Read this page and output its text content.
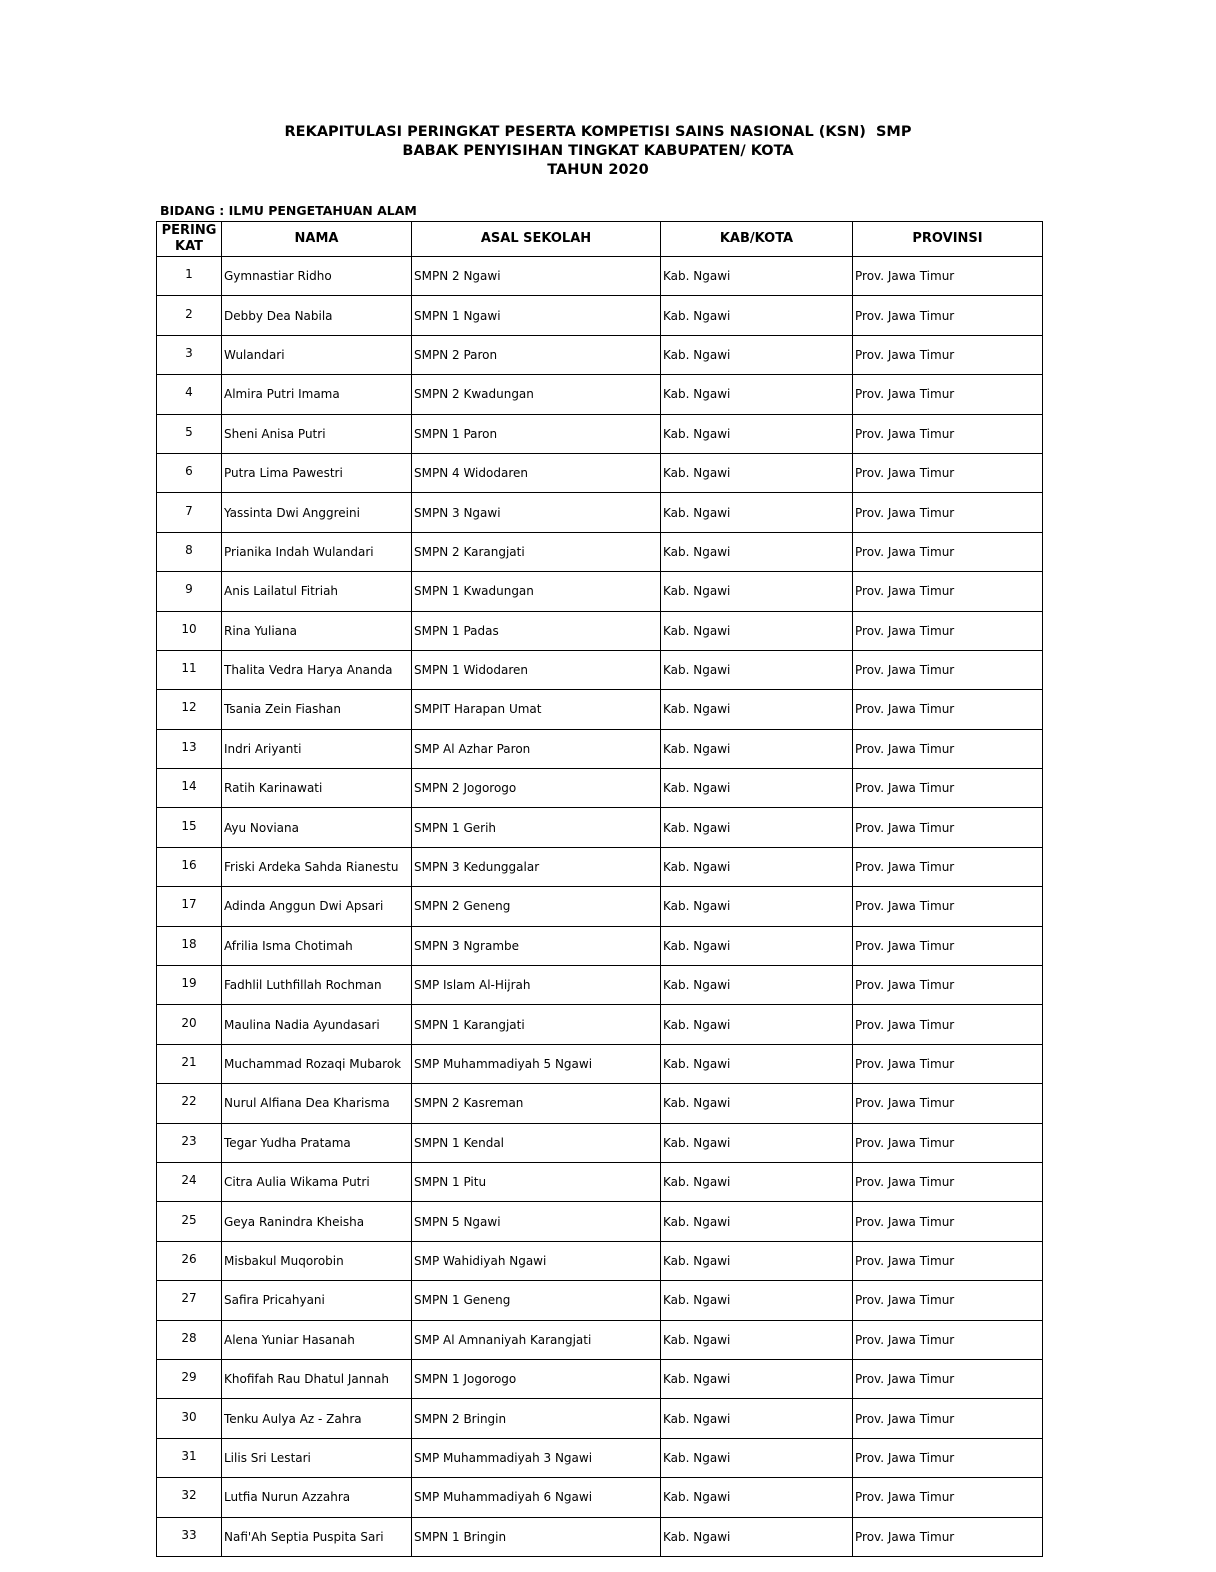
REKAPITULASI PERINGKAT PESERTA KOMPETISI SAINS NASIONAL (KSN)  SMP
BABAK PENYISIHAN TINGKAT KABUPATEN/ KOTA
TAHUN 2020
BIDANG : ILMU PENGETAHUAN ALAM
PERING
KAT	NAMA	ASAL SEKOLAH	KAB/KOTA	PROVINSI
1	Gymnastiar Ridho	SMPN 2 Ngawi	Kab. Ngawi	Prov. Jawa Timur
2	Debby Dea Nabila	SMPN 1 Ngawi	Kab. Ngawi	Prov. Jawa Timur
3	Wulandari	SMPN 2 Paron	Kab. Ngawi	Prov. Jawa Timur
4	Almira Putri Imama	SMPN 2 Kwadungan	Kab. Ngawi	Prov. Jawa Timur
5	Sheni Anisa Putri	SMPN 1 Paron	Kab. Ngawi	Prov. Jawa Timur
6	Putra Lima Pawestri	SMPN 4 Widodaren	Kab. Ngawi	Prov. Jawa Timur
7	Yassinta Dwi Anggreini	SMPN 3 Ngawi	Kab. Ngawi	Prov. Jawa Timur
8	Prianika Indah Wulandari	SMPN 2 Karangjati	Kab. Ngawi	Prov. Jawa Timur
9	Anis Lailatul Fitriah	SMPN 1 Kwadungan	Kab. Ngawi	Prov. Jawa Timur
10	Rina Yuliana	SMPN 1 Padas	Kab. Ngawi	Prov. Jawa Timur
11	Thalita Vedra Harya Ananda	SMPN 1 Widodaren	Kab. Ngawi	Prov. Jawa Timur
12	Tsania Zein Fiashan	SMPIT Harapan Umat	Kab. Ngawi	Prov. Jawa Timur
13	Indri Ariyanti	SMP Al Azhar Paron	Kab. Ngawi	Prov. Jawa Timur
14	Ratih Karinawati	SMPN 2 Jogorogo	Kab. Ngawi	Prov. Jawa Timur
15	Ayu Noviana	SMPN 1 Gerih	Kab. Ngawi	Prov. Jawa Timur
16	Friski Ardeka Sahda Rianestu	SMPN 3 Kedunggalar	Kab. Ngawi	Prov. Jawa Timur
17	Adinda Anggun Dwi Apsari	SMPN 2 Geneng	Kab. Ngawi	Prov. Jawa Timur
18	Afrilia Isma Chotimah	SMPN 3 Ngrambe	Kab. Ngawi	Prov. Jawa Timur
19	Fadhlil Luthfillah Rochman	SMP Islam Al-Hijrah	Kab. Ngawi	Prov. Jawa Timur
20	Maulina Nadia Ayundasari	SMPN 1 Karangjati	Kab. Ngawi	Prov. Jawa Timur
21	Muchammad Rozaqi Mubarok	SMP Muhammadiyah 5 Ngawi	Kab. Ngawi	Prov. Jawa Timur
22	Nurul Alfiana Dea Kharisma	SMPN 2 Kasreman	Kab. Ngawi	Prov. Jawa Timur
23	Tegar Yudha Pratama	SMPN 1 Kendal	Kab. Ngawi	Prov. Jawa Timur
24	Citra Aulia Wikama Putri	SMPN 1 Pitu	Kab. Ngawi	Prov. Jawa Timur
25	Geya Ranindra Kheisha	SMPN 5 Ngawi	Kab. Ngawi	Prov. Jawa Timur
26	Misbakul Muqorobin	SMP Wahidiyah Ngawi	Kab. Ngawi	Prov. Jawa Timur
27	Safira Pricahyani	SMPN 1 Geneng	Kab. Ngawi	Prov. Jawa Timur
28	Alena Yuniar Hasanah	SMP Al Amnaniyah Karangjati	Kab. Ngawi	Prov. Jawa Timur
29	Khofifah Rau Dhatul Jannah	SMPN 1 Jogorogo	Kab. Ngawi	Prov. Jawa Timur
30	Tenku Aulya Az - Zahra	SMPN 2 Bringin	Kab. Ngawi	Prov. Jawa Timur
31	Lilis Sri Lestari	SMP Muhammadiyah 3 Ngawi	Kab. Ngawi	Prov. Jawa Timur
32	Lutfia Nurun Azzahra	SMP Muhammadiyah 6 Ngawi	Kab. Ngawi	Prov. Jawa Timur
33	Nafi'Ah Septia Puspita Sari	SMPN 1 Bringin	Kab. Ngawi	Prov. Jawa Timur
